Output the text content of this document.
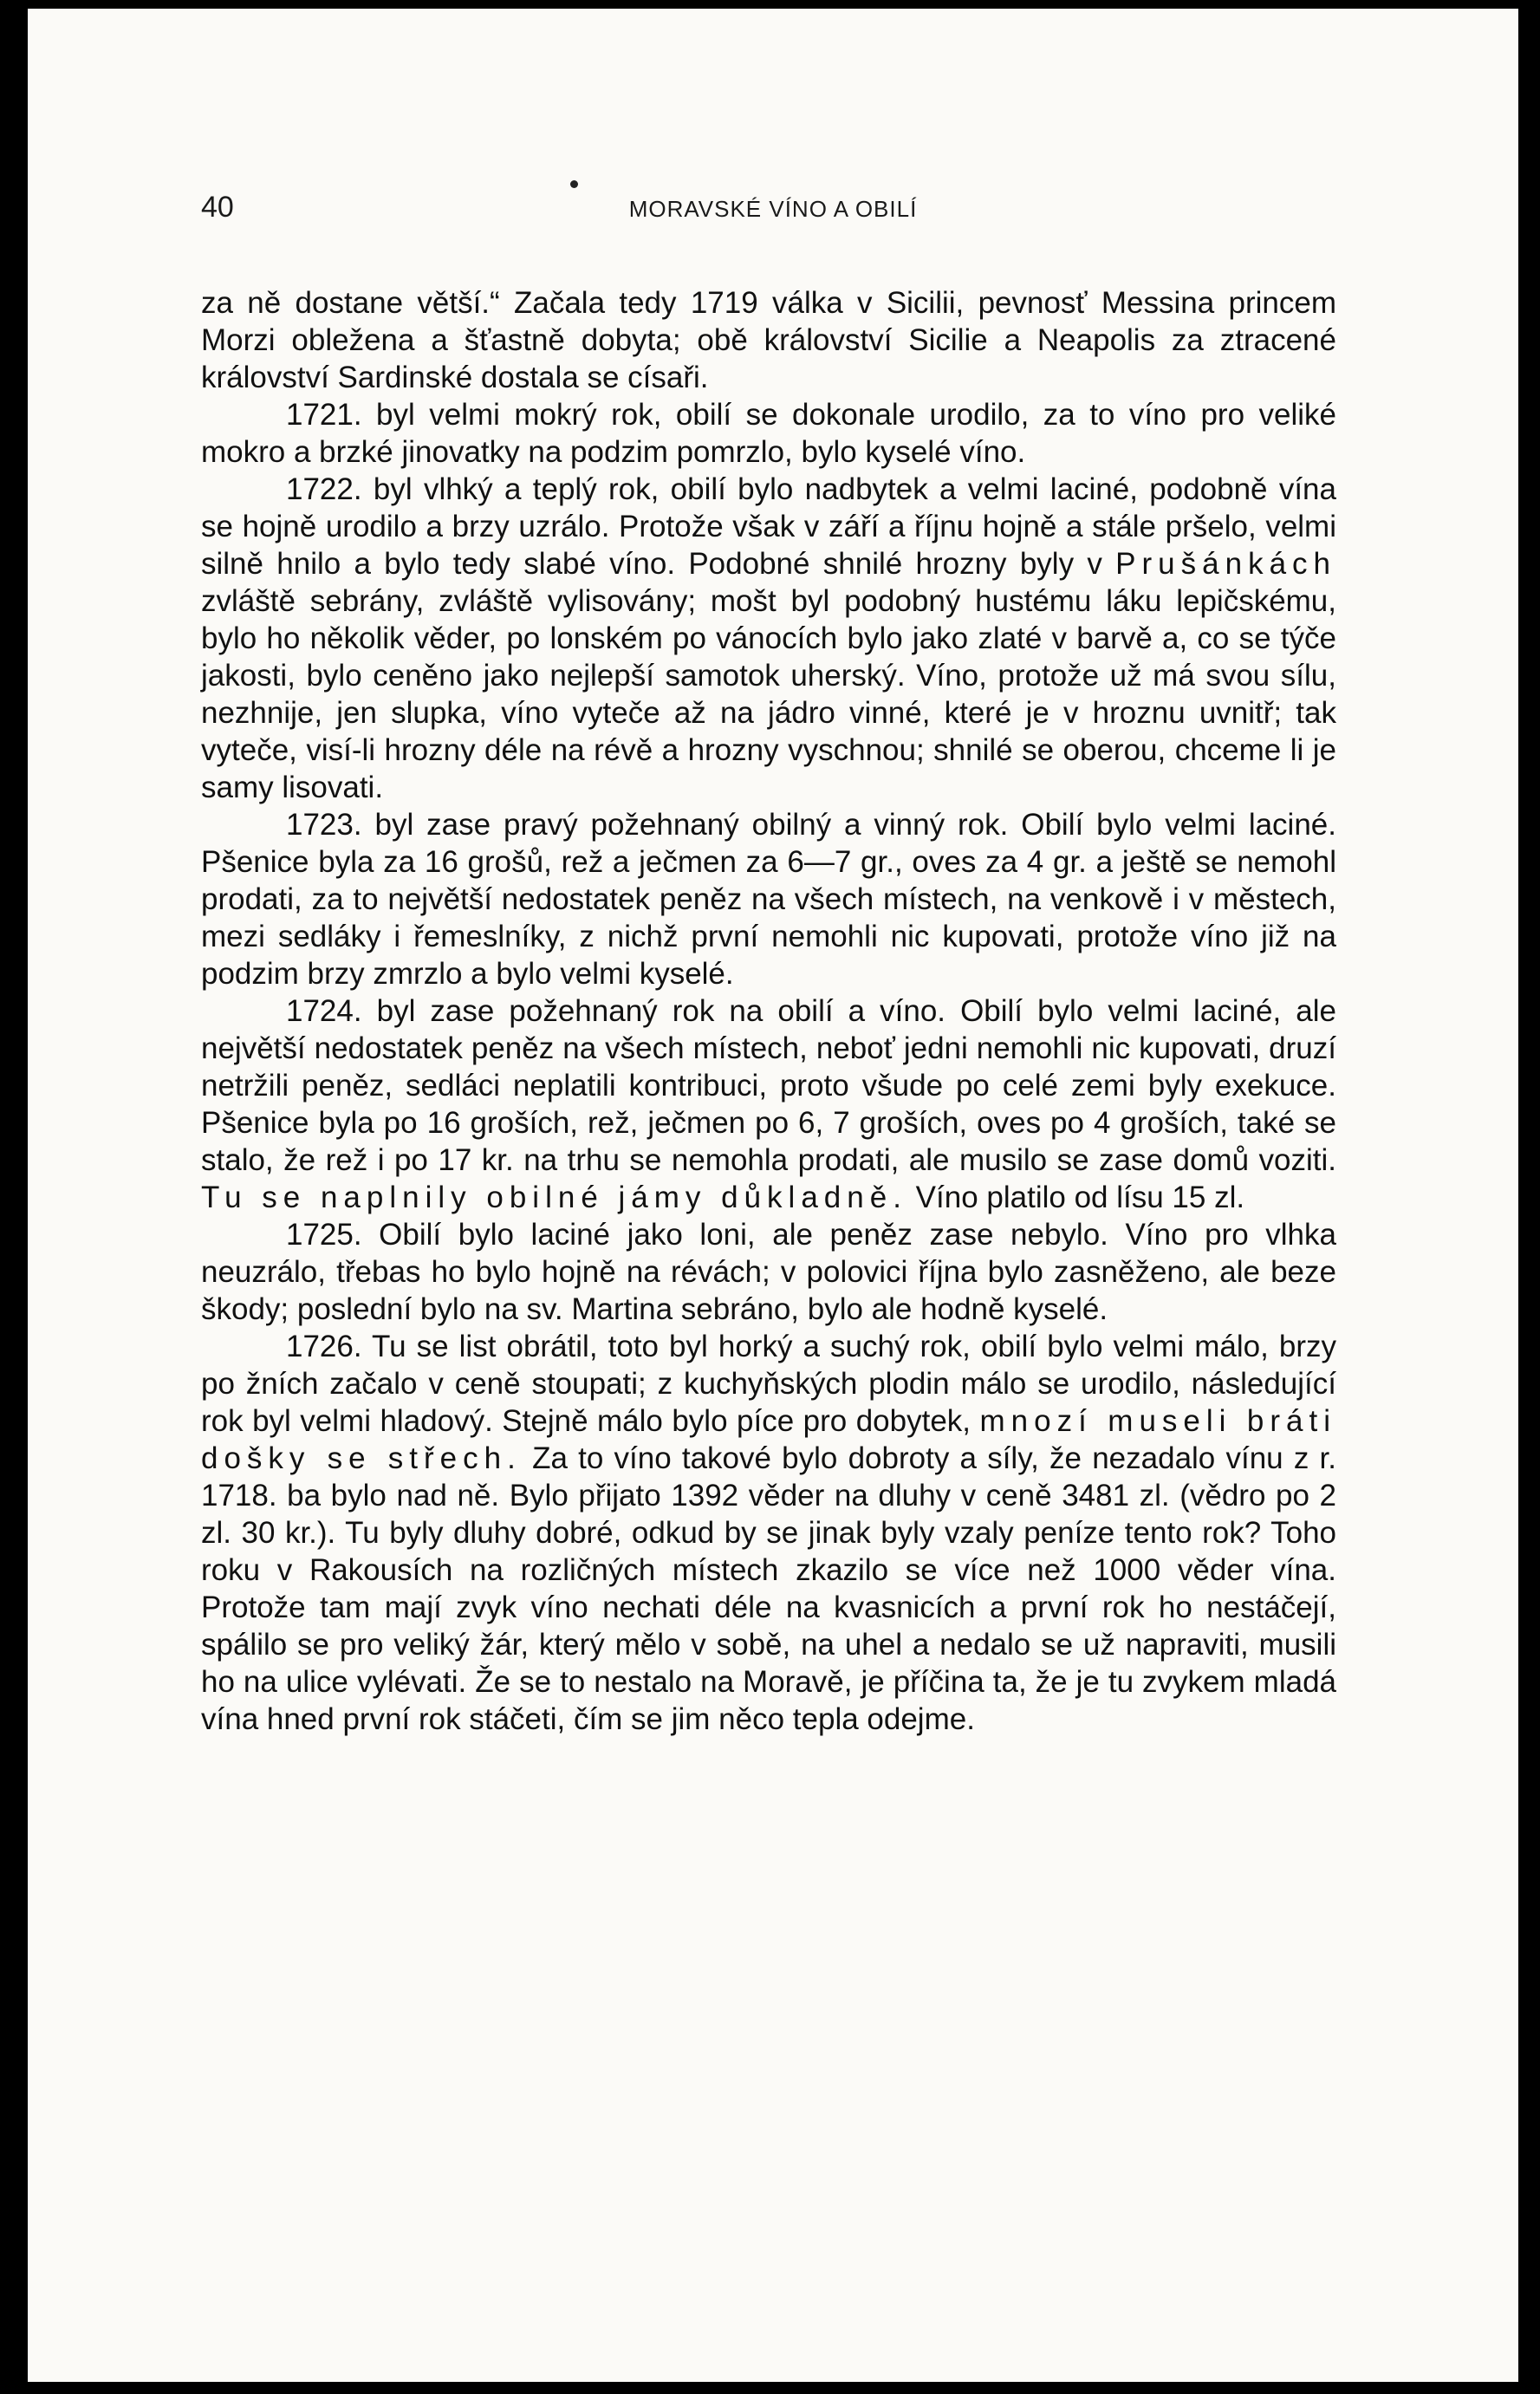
40	MORAVSKÉ VÍNO A OBILÍ

za ně dostane větší.“ Začala tedy 1719 válka v Sicilii, pevnosť Messina princem Morzi obležena a šťastně dobyta; obě království Sicilie a Neapolis za ztracené království Sardinské dostala se císaři.

1721. byl velmi mokrý rok, obilí se dokonale urodilo, za to víno pro veliké mokro a brzké jinovatky na podzim pomrzlo, bylo kyselé víno.

1722. byl vlhký a teplý rok, obilí bylo nadbytek a velmi laciné, podobně vína se hojně urodilo a brzy uzrálo. Protože však v září a říjnu hojně a stále pršelo, velmi silně hnilo a bylo tedy slabé víno. Podobné shnilé hrozny byly v Prušánkách zvláště sebrány, zvláště vylisovány; mošt byl podobný hustému láku lepičskému, bylo ho několik věder, po lonském po vánocích bylo jako zlaté v barvě a, co se týče jakosti, bylo ceněno jako nejlepší samotok uherský. Víno, protože už má svou sílu, nezhnije, jen slupka, víno vyteče až na jádro vinné, které je v hroznu uvnitř; tak vyteče, visí-li hrozny déle na révě a hrozny vyschnou; shnilé se oberou, chceme li je samy lisovati.

1723. byl zase pravý požehnaný obilný a vinný rok. Obilí bylo velmi laciné. Pšenice byla za 16 grošů, rež a ječmen za 6—7 gr., oves za 4 gr. a ještě se nemohl prodati, za to největší nedostatek peněz na všech místech, na venkově i v městech, mezi sedláky i řemeslníky, z nichž první nemohli nic kupovati, protože víno již na podzim brzy zmrzlo a bylo velmi kyselé.

1724. byl zase požehnaný rok na obilí a víno. Obilí bylo velmi laciné, ale největší nedostatek peněz na všech místech, neboť jedni nemohli nic kupovati, druzí netržili peněz, sedláci neplatili kontribuci, proto všude po celé zemi byly exekuce. Pšenice byla po 16 groších, rež, ječmen po 6, 7 groších, oves po 4 groších, také se stalo, že rež i po 17 kr. na trhu se nemohla prodati, ale musilo se zase domů voziti. Tu se naplnily obilné jámy důkladně. Víno platilo od lísu 15 zl.

1725. Obilí bylo laciné jako loni, ale peněz zase nebylo. Víno pro vlhka neuzrálo, třebas ho bylo hojně na révách; v polovici října bylo zasněženo, ale beze škody; poslední bylo na sv. Martina sebráno, bylo ale hodně kyselé.

1726. Tu se list obrátil, toto byl horký a suchý rok, obilí bylo velmi málo, brzy po žních začalo v ceně stoupati; z kuchyňských plodin málo se urodilo, následující rok byl velmi hladový. Stejně málo bylo píce pro dobytek, mnozí museli bráti došky se střech. Za to víno takové bylo dobroty a síly, že nezadalo vínu z r. 1718. ba bylo nad ně. Bylo přijato 1392 věder na dluhy v ceně 3481 zl. (vědro po 2 zl. 30 kr.). Tu byly dluhy dobré, odkud by se jinak byly vzaly peníze tento rok? Toho roku v Rakousích na rozličných místech zkazilo se více než 1000 věder vína. Protože tam mají zvyk víno nechati déle na kvasnicích a první rok ho nestáčejí, spálilo se pro veliký žár, který mělo v sobě, na uhel a nedalo se už napraviti, musili ho na ulice vylévati. Že se to nestalo na Moravě, je příčina ta, že je tu zvykem mladá vína hned první rok stáčeti, čím se jim něco tepla odejme.
